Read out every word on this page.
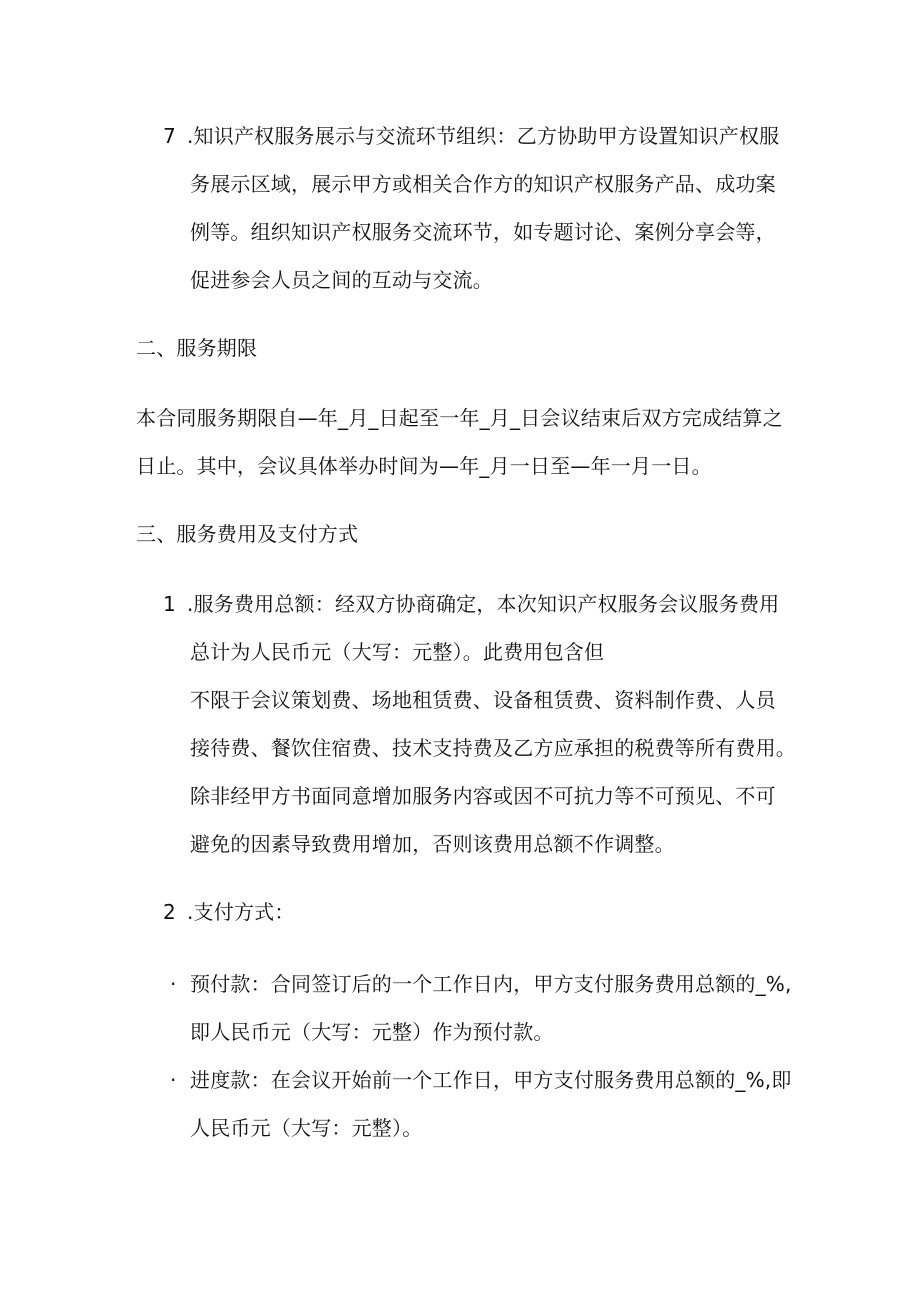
7 .知识产权服务展示与交流环节组织：乙方协助甲方设置知识产权服
务展示区域，展示甲方或相关合作方的知识产权服务产品、成功案
例等。组织知识产权服务交流环节，如专题讨论、案例分享会等，
促进参会人员之间的互动与交流。
二、服务期限
本合同服务期限自—年_月_日起至一年_月_日会议结束后双方完成结算之
日止。其中，会议具体举办时间为—年_月一日至—年一月一日。
三、服务费用及支付方式
1 .服务费用总额：经双方协商确定，本次知识产权服务会议服务费用
总计为人民币元（大写：元整）。此费用包含但
不限于会议策划费、场地租赁费、设备租赁费、资料制作费、人员
接待费、餐饮住宿费、技术支持费及乙方应承担的税费等所有费用。
除非经甲方书面同意增加服务内容或因不可抗力等不可预见、不可
避免的因素导致费用增加，否则该费用总额不作调整。
2 .支付方式：
· 预付款：合同签订后的一个工作日内，甲方支付服务费用总额的_%,
即人民币元（大写：元整）作为预付款。
· 进度款：在会议开始前一个工作日，甲方支付服务费用总额的_%,即
人民币元（大写：元整）。
